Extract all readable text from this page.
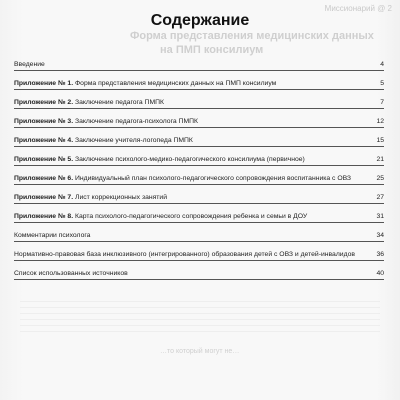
Миссионарий @ 2
Форма представления медицинских данных
на ПМП консилиум
…то который могут не…
Содержание
Введение	4
Приложение № 1. Форма представления медицинских данных на ПМП консилиум	5
Приложение № 2. Заключение педагога ПМПК	7
Приложение № 3. Заключение педагога-психолога ПМПК	12
Приложение № 4. Заключение учителя-логопеда ПМПК	15
Приложение № 5. Заключение психолого-медико-педагогического консилиума (первичное)	21
Приложение № 6. Индивидуальный план психолого-педагогического сопровождения воспитанника с ОВЗ	25
Приложение № 7. Лист коррекционных занятий	27
Приложение № 8. Карта психолого-педагогического сопровождения ребенка и семьи в ДОУ	31
Комментарии психолога	34
Нормативно-правовая база инклюзивного (интегрированного) образования детей с ОВЗ и детей-инвалидов	36
Список использованных источников	40
